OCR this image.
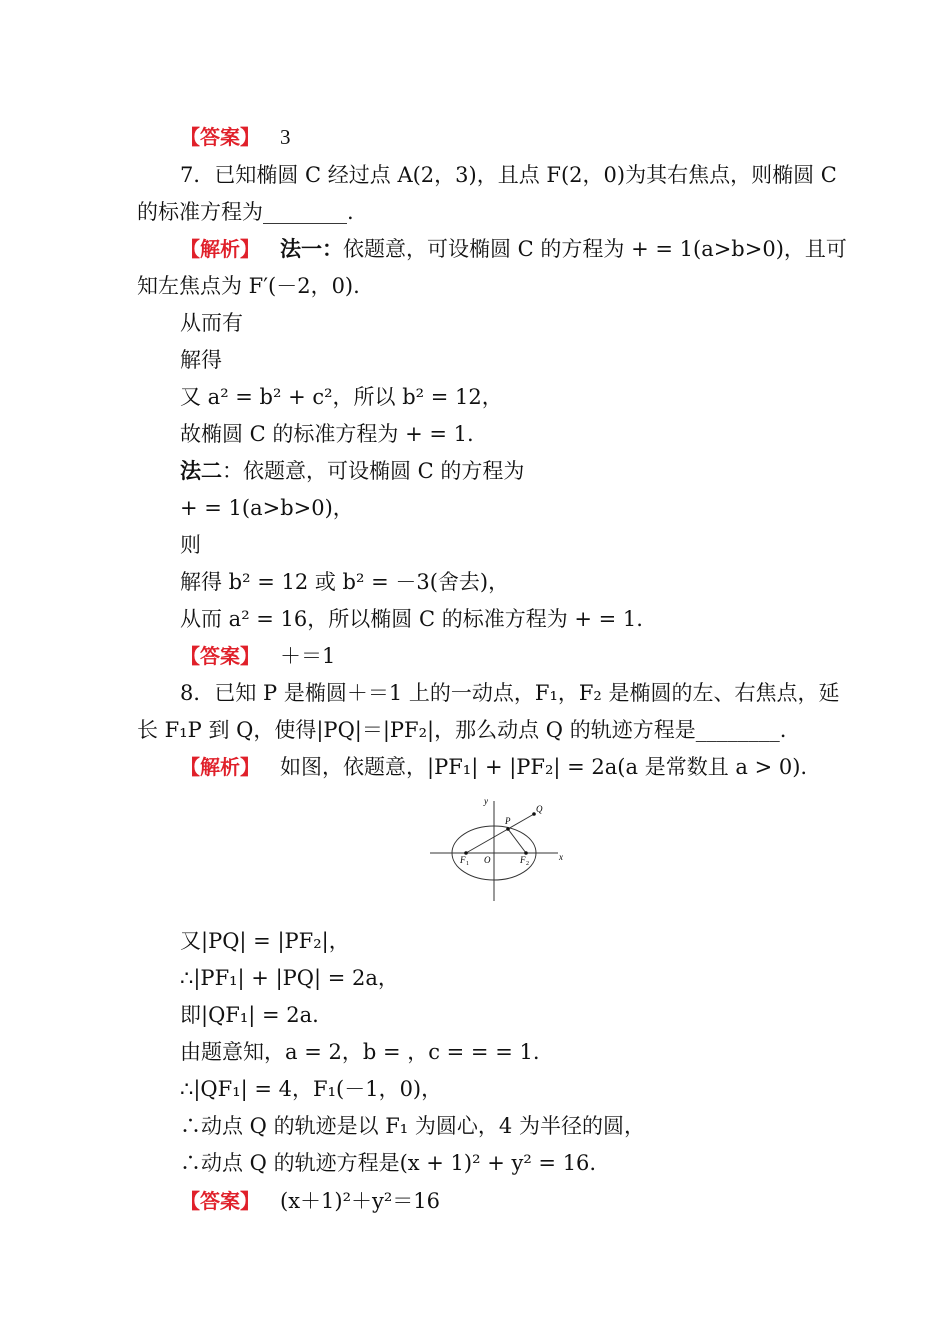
【答案】 3
7．已知椭圆 C 经过点 A(2，3)，且点 F(2，0)为其右焦点，则椭圆 C
的标准方程为________.
【解析】 法一：依题意，可设椭圆 C 的方程为 + = 1(a>b>0)，且可
知左焦点为 F′(－2，0).
从而有
解得
又 a² = b² + c²，所以 b² = 12，
故椭圆 C 的标准方程为 + = 1.
法二：依题意，可设椭圆 C 的方程为
+ = 1(a>b>0)，
则
解得 b² = 12 或 b² = －3(舍去)，
从而 a² = 16，所以椭圆 C 的标准方程为 + = 1.
【答案】 ＋＝1
8．已知 P 是椭圆＋＝1 上的一动点，F₁，F₂ 是椭圆的左、右焦点，延
长 F₁P 到 Q，使得|PQ|＝|PF₂|，那么动点 Q 的轨迹方程是________.
【解析】 如图，依题意，|PF₁| + |PF₂| = 2a(a 是常数且 a > 0).
y
x
O
P
Q
F 1	F 2
又|PQ| = |PF₂|，
∴|PF₁| + |PQ| = 2a，
即|QF₁| = 2a.
由题意知，a = 2，b = ，c = = = 1.
∴|QF₁| = 4，F₁(－1，0)，
∴动点 Q 的轨迹是以 F₁ 为圆心，4 为半径的圆，
∴动点 Q 的轨迹方程是(x + 1)² + y² = 16.
【答案】 (x＋1)²＋y²＝16
